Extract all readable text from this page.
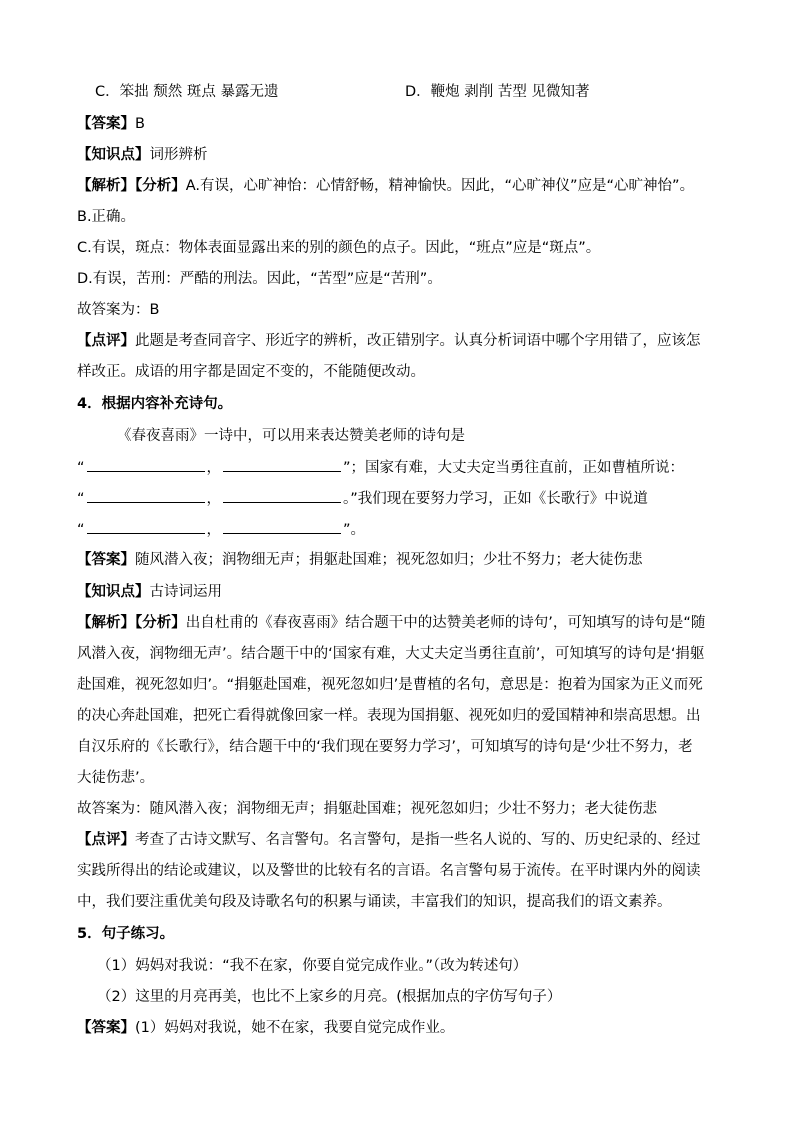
C．笨拙 颓然 斑点 暴露无遗	D．鞭炮 剥削 苦型 见微知著
【答案】B
【知识点】词形辨析
【解析】【分析】A.有误，心旷神怡：心情舒畅，精神愉快。因此，“心旷神仪”应是“心旷神怡”。
B.正确。
C.有误，斑点：物体表面显露出来的别的颜色的点子。因此，“班点”应是“斑点”。
D.有误，苦刑：严酷的刑法。因此，“苦型”应是“苦刑”。
故答案为：B
【点评】此题是考查同音字、形近字的辨析，改正错别字。认真分析词语中哪个字用错了，应该怎
样改正。成语的用字都是固定不变的，不能随便改动。
4．根据内容补充诗句。
《春夜喜雨》一诗中，可以用来表达赞美老师的诗句是
“	，	”；国家有难，大丈夫定当勇往直前，正如曹植所说：
“	，	。”我们现在要努力学习，正如《长歌行》中说道
“	，	”。
【答案】随风潜入夜；润物细无声；捐躯赴国难；视死忽如归；少壮不努力；老大徒伤悲
【知识点】古诗词运用
【解析】【分析】出自杜甫的《春夜喜雨》结合题干中的达赞美老师的诗句’，可知填写的诗句是“随
风潜入夜，润物细无声’。结合题干中的‘国家有难，大丈夫定当勇往直前’，可知填写的诗句是‘捐躯
赴国难，视死忽如归’。“捐躯赴国难，视死忽如归’是曹植的名句，意思是：抱着为国家为正义而死
的决心奔赴国难，把死亡看得就像回家一样。表现为国捐躯、视死如归的爱国精神和崇高思想。出
自汉乐府的《长歌行》，结合题干中的‘我们现在要努力学习’，可知填写的诗句是‘少壮不努力，老
大徒伤悲’。
故答案为：随风潜入夜；润物细无声；捐躯赴国难；视死忽如归；少壮不努力；老大徒伤悲
【点评】考查了古诗文默写、名言警句。名言警句，是指一些名人说的、写的、历史纪录的、经过
实践所得出的结论或建议，以及警世的比较有名的言语。名言警句易于流传。在平时课内外的阅读
中，我们要注重优美句段及诗歌名句的积累与诵读，丰富我们的知识，提高我们的语文素养。
5．句子练习。
（1）妈妈对我说：“我不在家，你要自觉完成作业。”（改为转述句）
（2）这里的月亮再美，也比不上家乡的月亮。(根据加点的字仿写句子）
【答案】(1）妈妈对我说，她不在家，我要自觉完成作业。
